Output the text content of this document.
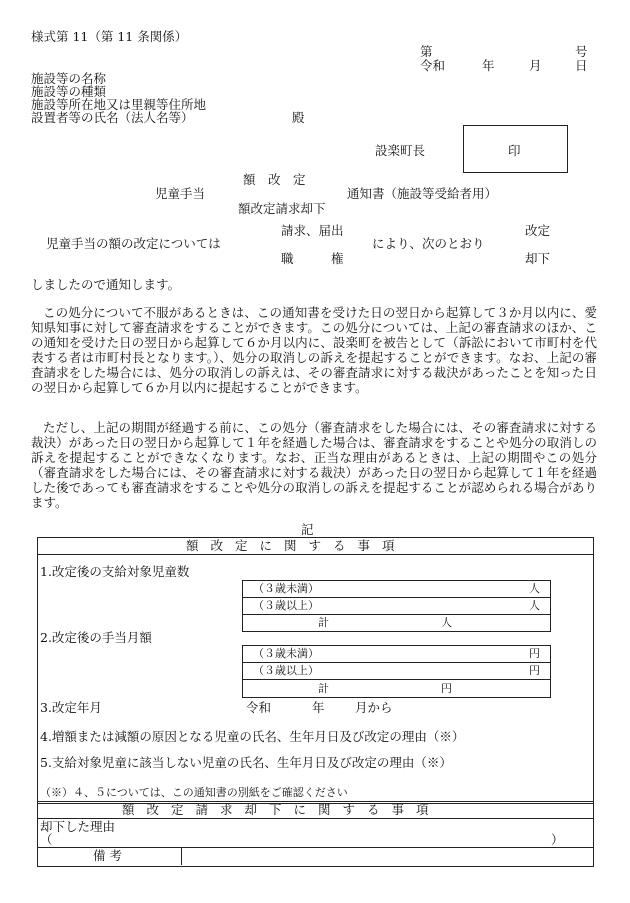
様式第 11（第 11 条関係）
第	号
令和	年	月	日
施設等の名称
施設等の種類
施設等所在地又は里親等住所地
設置者等の氏名（法人名等）	殿
設楽町長	印
額　改　定
児童手当	通知書（施設等受給者用）
額改定請求却下
請求、届出	改定
児童手当の額の改定については	により、次のとおり
職　　　権	却下
しましたので通知します。
この処分について不服があるときは、この通知書を受けた日の翌日から起算して３か月以内に、愛知県知事に対して審査請求をすることができます。この処分については、上記の審査請求のほか、この通知を受けた日の翌日から起算して６か月以内に、設楽町を被告として（訴訟において市町村を代表する者は市町村長となります。）、処分の取消しの訴えを提起することができます。なお、上記の審査請求をした場合には、処分の取消しの訴えは、その審査請求に対する裁決があったことを知った日の翌日から起算して６か月以内に提起することができます。
ただし、上記の期間が経過する前に、この処分（審査請求をした場合には、その審査請求に対する裁決）があった日の翌日から起算して１年を経過した場合は、審査請求をすることや処分の取消しの訴えを提起することができなくなります。なお、正当な理由があるときは、上記の期間やこの処分（審査請求をした場合には、その審査請求に対する裁決）があった日の翌日から起算して１年を経過した後であっても審査請求をすることや処分の取消しの訴えを提起することが認められる場合があります。
記
額改定に関する事項
1.改定後の支給対象児童数
（３歳未満）	人
（３歳以上）	人
計	人
2.改定後の手当月額
（３歳未満）	円
（３歳以上）	円
計	円
3.改定年月	令和	年 月から
4.増額または減額の原因となる児童の氏名、生年月日及び改定の理由（※）
5.支給対象児童に該当しない児童の氏名、生年月日及び改定の理由（※）
（※）４、５については、この通知書の別紙をご確認ください
額改定請求却下に関する事項
却下した理由
（	）
備考
